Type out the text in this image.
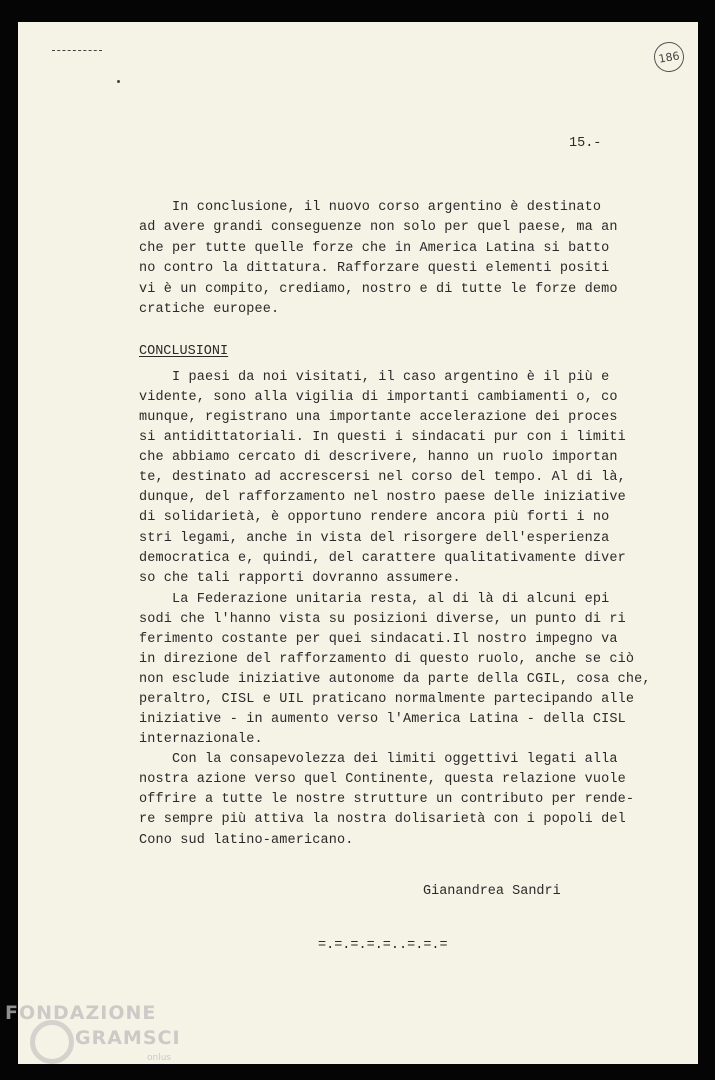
186
15.-
In conclusione, il nuovo corso argentino è destinato
ad avere grandi conseguenze non solo per quel paese, ma an
che per tutte quelle forze che in America Latina si batto
no contro la dittatura. Rafforzare questi elementi positi
vi è un compito, crediamo, nostro e di tutte le forze demo
cratiche europee.
CONCLUSIONI
I paesi da noi visitati, il caso argentino è il più e
vidente, sono alla vigilia di importanti cambiamenti o, co
munque, registrano una importante accelerazione dei proces
si antidittatoriali. In questi i sindacati pur con i limiti
che abbiamo cercato di descrivere, hanno un ruolo importan
te, destinato ad accrescersi nel corso del tempo. Al di là,
dunque, del rafforzamento nel nostro paese delle iniziative
di solidarietà, è opportuno rendere ancora più forti i no
stri legami, anche in vista del risorgere dell'esperienza
democratica e, quindi, del carattere qualitativamente diver
so che tali rapporti dovranno assumere.
La Federazione unitaria resta, al di là di alcuni epi
sodi che l'hanno vista su posizioni diverse, un punto di ri
ferimento costante per quei sindacati.Il nostro impegno va
in direzione del rafforzamento di questo ruolo, anche se ciò
non esclude iniziative autonome da parte della CGIL, cosa che,
peraltro, CISL e UIL praticano normalmente partecipando alle
iniziative - in aumento verso l'America Latina - della CISL
internazionale.
Con la consapevolezza dei limiti oggettivi legati alla
nostra azione verso quel Continente, questa relazione vuole
offrire a tutte le nostre strutture un contributo per rende-
re sempre più attiva la nostra dolisarietà con i popoli del
Cono sud latino-americano.
Gianandrea Sandri
=.=.=.=.=..=.=.=
FONDAZIONE
GRAMSCI
onlus
